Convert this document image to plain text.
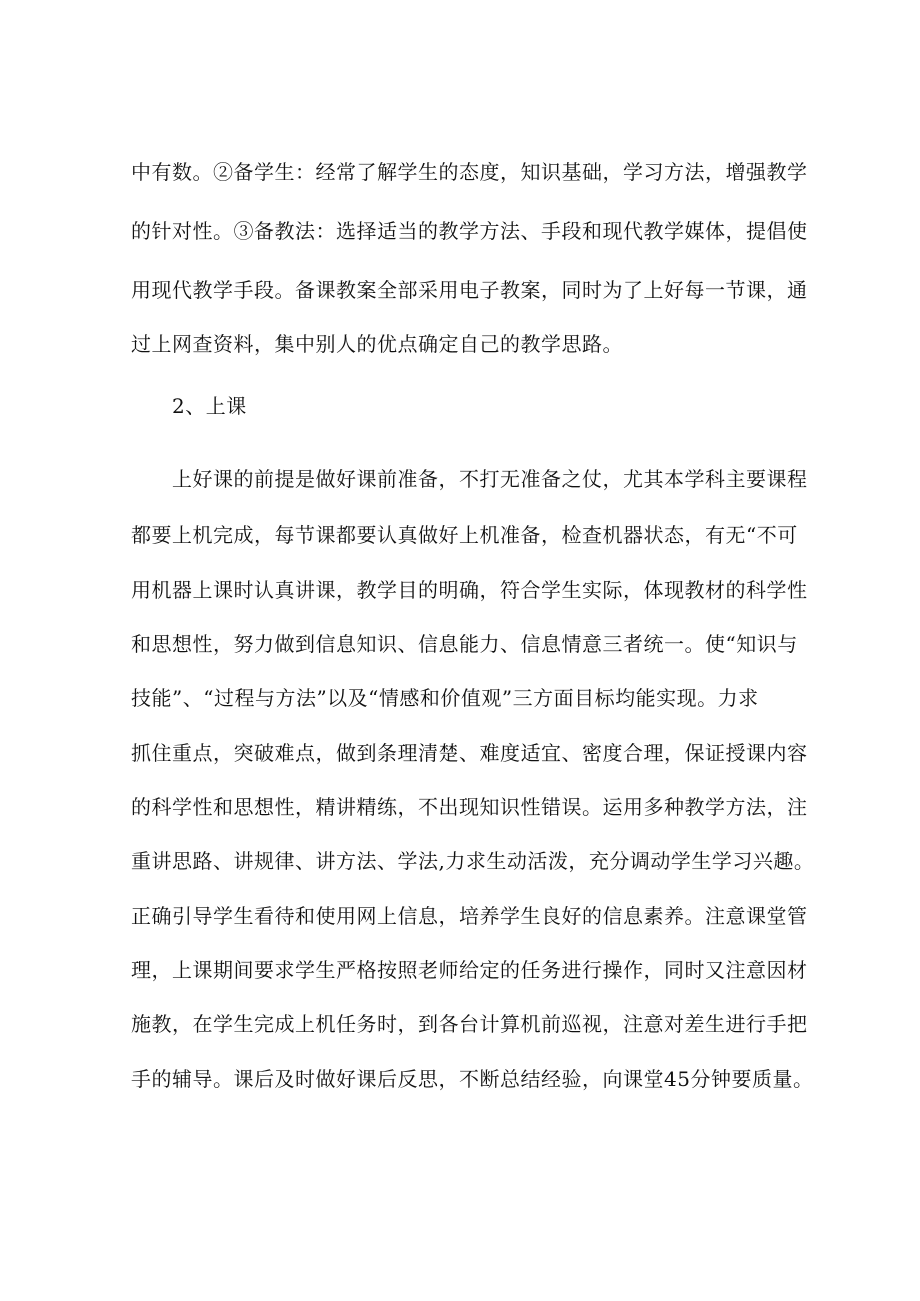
中有数。②备学生：经常了解学生的态度，知识基础，学习方法，增强教学
的针对性。③备教法：选择适当的教学方法、手段和现代教学媒体，提倡使
用现代教学手段。备课教案全部采用电子教案，同时为了上好每一节课，通
过上网查资料，集中别人的优点确定自己的教学思路。
2、上课
上好课的前提是做好课前准备，不打无准备之仗，尤其本学科主要课程
都要上机完成，每节课都要认真做好上机准备，检查机器状态，有无“不可
用机器上课时认真讲课，教学目的明确，符合学生实际，体现教材的科学性
和思想性，努力做到信息知识、信息能力、信息情意三者统一。使“知识与
技能”、“过程与方法”以及“情感和价值观”三方面目标均能实现。力求
抓住重点，突破难点，做到条理清楚、难度适宜、密度合理，保证授课内容
的科学性和思想性，精讲精练，不出现知识性错误。运用多种教学方法，注
重讲思路、讲规律、讲方法、学法,力求生动活泼，充分调动学生学习兴趣。
正确引导学生看待和使用网上信息，培养学生良好的信息素养。注意课堂管
理，上课期间要求学生严格按照老师给定的任务进行操作，同时又注意因材
施教，在学生完成上机任务时，到各台计算机前巡视，注意对差生进行手把
手的辅导。课后及时做好课后反思，不断总结经验，向课堂45分钟要质量。
